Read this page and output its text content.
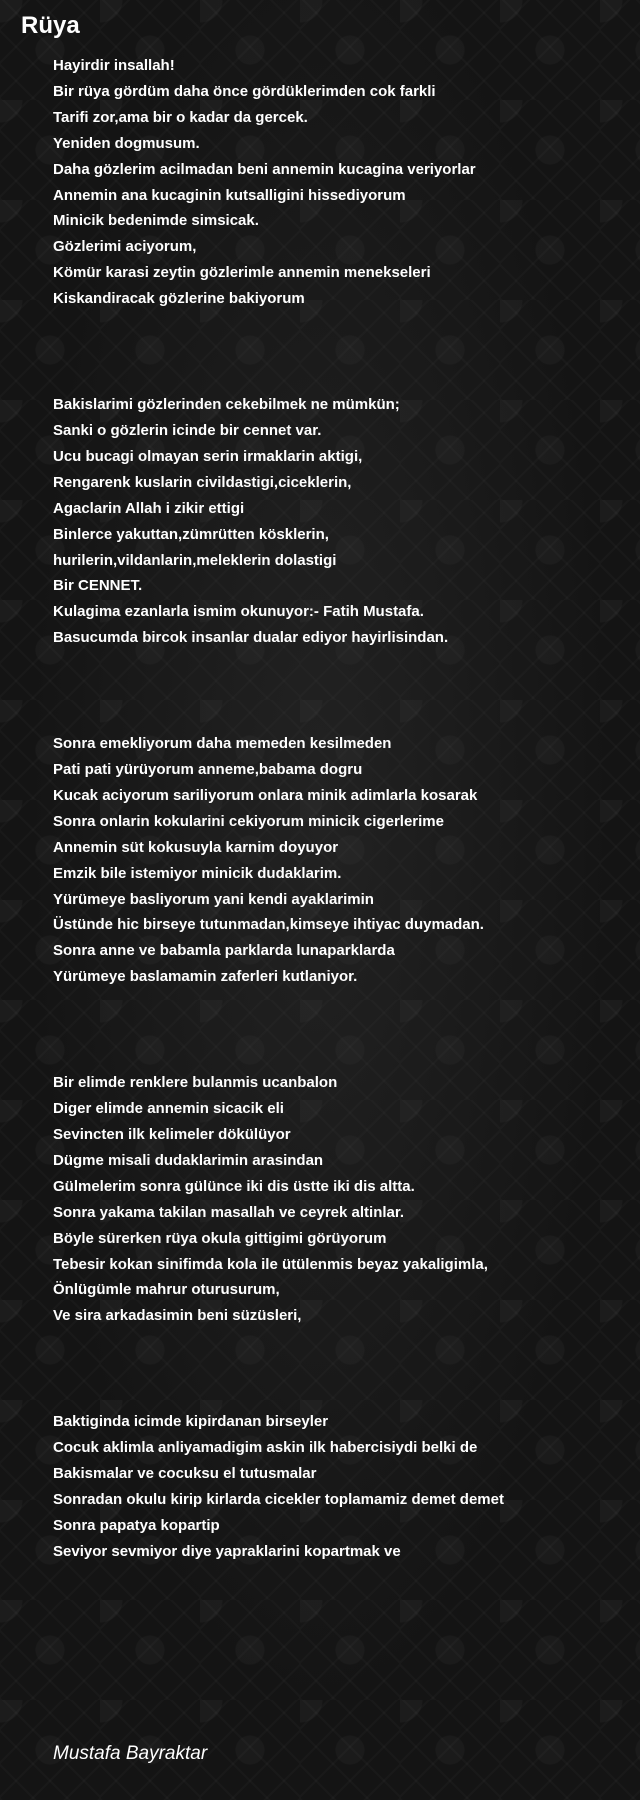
Rüya
Hayirdir insallah!
Bir rüya gördüm daha önce gördüklerimden cok farkli
Tarifi zor,ama bir o kadar da gercek.
Yeniden dogmusum.
Daha gözlerim acilmadan beni annemin kucagina veriyorlar
Annemin ana kucaginin kutsalligini hissediyorum
Minicik bedenimde simsicak.
Gözlerimi aciyorum,
Kömür karasi zeytin gözlerimle annemin menekseleri
Kiskandiracak gözlerine bakiyorum
Bakislarimi gözlerinden cekebilmek ne mümkün;
Sanki o gözlerin icinde bir cennet var.
Ucu bucagi olmayan serin irmaklarin aktigi,
Rengarenk kuslarin civildastigi,ciceklerin,
Agaclarin Allah i zikir ettigi
Binlerce yakuttan,zümrütten kösklerin,
hurilerin,vildanlarin,meleklerin dolastigi
Bir CENNET.
Kulagima ezanlarla ismim okunuyor:- Fatih Mustafa.
Basucumda bircok insanlar dualar ediyor hayirlisindan.
Sonra emekliyorum daha memeden kesilmeden
Pati pati yürüyorum anneme,babama dogru
Kucak aciyorum sariliyorum onlara minik adimlarla kosarak
Sonra onlarin kokularini cekiyorum minicik cigerlerime
Annemin süt kokusuyla karnim doyuyor
Emzik bile istemiyor minicik dudaklarim.
Yürümeye basliyorum yani kendi ayaklarimin
Üstünde hic birseye tutunmadan,kimseye ihtiyac duymadan.
Sonra anne ve babamla parklarda lunaparklarda
Yürümeye baslamamin zaferleri kutlaniyor.
Bir elimde renklere bulanmis ucanbalon
Diger elimde annemin sicacik eli
Sevincten ilk kelimeler dökülüyor
Dügme misali dudaklarimin arasindan
Gülmelerim sonra gülünce iki dis üstte iki dis altta.
Sonra yakama takilan masallah ve ceyrek altinlar.
Böyle sürerken rüya okula gittigimi görüyorum
Tebesir kokan sinifimda kola ile ütülenmis beyaz yakaligimla,
Önlügümle mahrur oturusurum,
Ve sira arkadasimin beni süzüsleri,
Baktiginda icimde kipirdanan birseyler
Cocuk aklimla anliyamadigim askin ilk habercisiydi belki de
Bakismalar ve cocuksu el tutusmalar
Sonradan okulu kirip kirlarda cicekler toplamamiz demet demet
Sonra papatya kopartip
Seviyor sevmiyor diye yapraklarini kopartmak ve
Mustafa Bayraktar
